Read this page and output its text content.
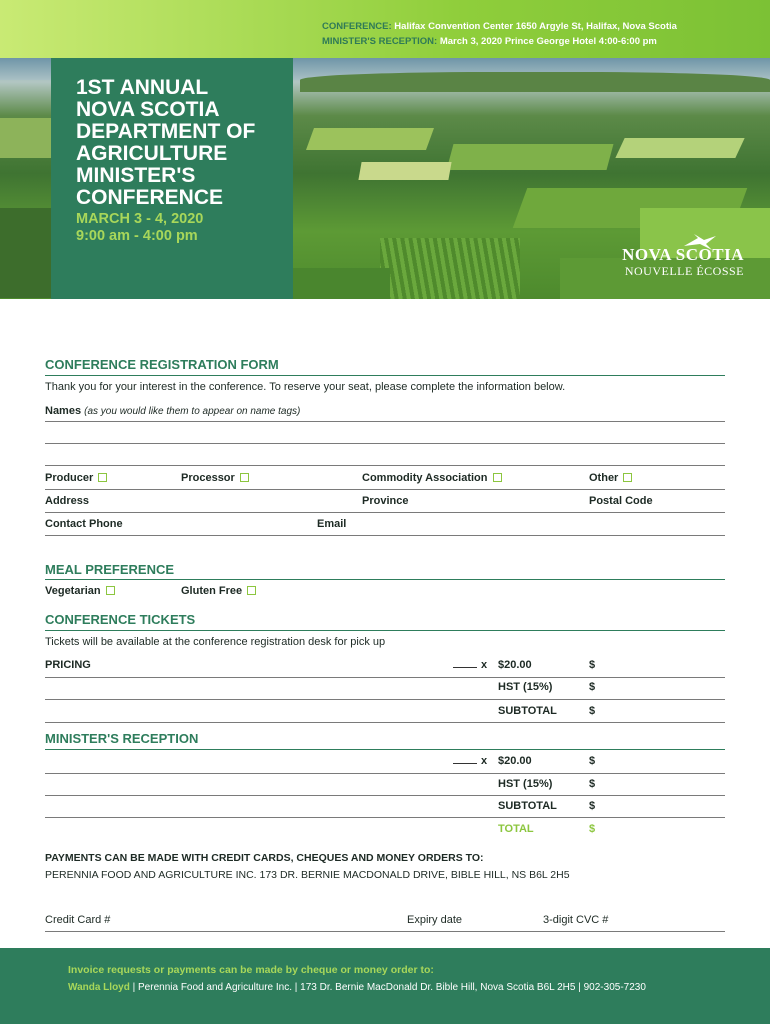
CONFERENCE: Halifax Convention Center 1650 Argyle St, Halifax, Nova Scotia
MINISTER'S RECEPTION: March 3, 2020 Prince George Hotel 4:00-6:00 pm
NOVA SCOTIA
NOUVELLE ÉCOSSE
1ST ANNUAL
NOVA SCOTIA
DEPARTMENT OF
AGRICULTURE
MINISTER'S
CONFERENCE
MARCH 3 - 4, 2020
9:00 am - 4:00 pm
CONFERENCE REGISTRATION FORM
Thank you for your interest in the conference. To reserve your seat, please complete the information below.
Names (as you would like them to appear on name tags)
Producer	Processor	Commodity Association	Other
Address	Province	Postal Code
Contact Phone	Email
MEAL PREFERENCE
Vegetarian	Gluten Free
CONFERENCE TICKETS
Tickets will be available at the conference registration desk for pick up
PRICING	x $20.00	$
HST (15%)	$
SUBTOTAL	$
MINISTER'S RECEPTION
x $20.00	$
HST (15%)	$
SUBTOTAL	$
TOTAL	$
PAYMENTS CAN BE MADE WITH CREDIT CARDS, CHEQUES AND MONEY ORDERS TO:
PERENNIA FOOD AND AGRICULTURE INC. 173 DR. BERNIE MACDONALD DRIVE, BIBLE HILL, NS B6L 2H5
Credit Card #	Expiry date	3-digit CVC #
Invoice requests or payments can be made by cheque or money order to:
Wanda Lloyd | Perennia Food and Agriculture Inc. | 173 Dr. Bernie MacDonald Dr. Bible Hill, Nova Scotia B6L 2H5 | 902-305-7230
